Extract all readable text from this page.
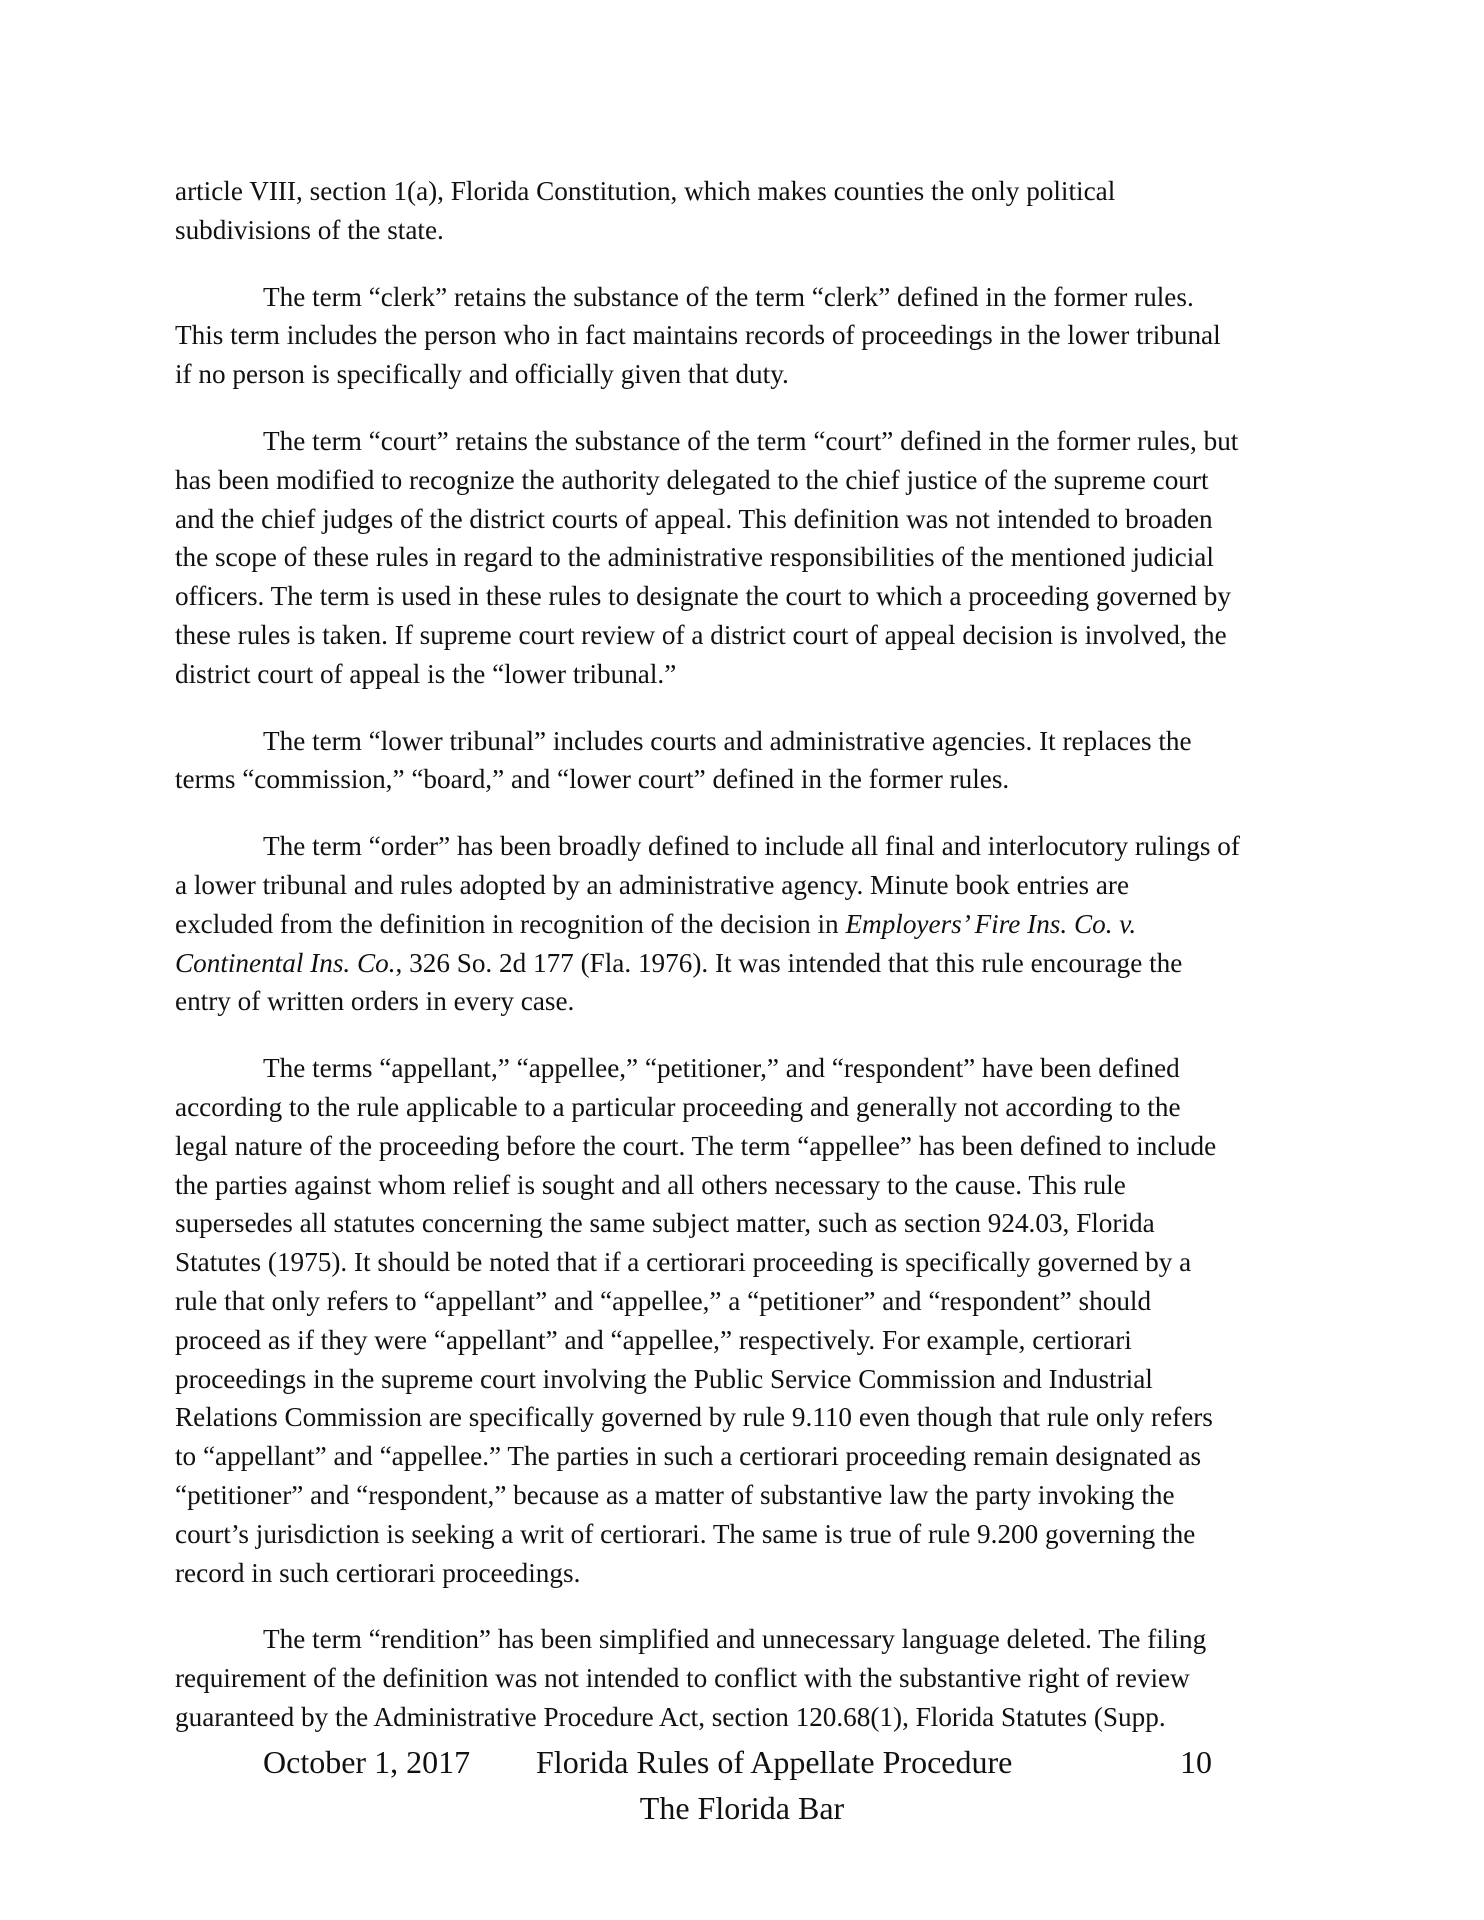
article VIII, section 1(a), Florida Constitution, which makes counties the only political
subdivisions of the state.
The term “clerk” retains the substance of the term “clerk” defined in the former rules.
This term includes the person who in fact maintains records of proceedings in the lower tribunal
if no person is specifically and officially given that duty.
The term “court” retains the substance of the term “court” defined in the former rules, but
has been modified to recognize the authority delegated to the chief justice of the supreme court
and the chief judges of the district courts of appeal. This definition was not intended to broaden
the scope of these rules in regard to the administrative responsibilities of the mentioned judicial
officers. The term is used in these rules to designate the court to which a proceeding governed by
these rules is taken. If supreme court review of a district court of appeal decision is involved, the
district court of appeal is the “lower tribunal.”
The term “lower tribunal” includes courts and administrative agencies. It replaces the
terms “commission,” “board,” and “lower court” defined in the former rules.
The term “order” has been broadly defined to include all final and interlocutory rulings of
a lower tribunal and rules adopted by an administrative agency. Minute book entries are
excluded from the definition in recognition of the decision in Employers’ Fire Ins. Co. v.
Continental Ins. Co., 326 So. 2d 177 (Fla. 1976). It was intended that this rule encourage the
entry of written orders in every case.
The terms “appellant,” “appellee,” “petitioner,” and “respondent” have been defined
according to the rule applicable to a particular proceeding and generally not according to the
legal nature of the proceeding before the court. The term “appellee” has been defined to include
the parties against whom relief is sought and all others necessary to the cause. This rule
supersedes all statutes concerning the same subject matter, such as section 924.03, Florida
Statutes (1975). It should be noted that if a certiorari proceeding is specifically governed by a
rule that only refers to “appellant” and “appellee,” a “petitioner” and “respondent” should
proceed as if they were “appellant” and “appellee,” respectively. For example, certiorari
proceedings in the supreme court involving the Public Service Commission and Industrial
Relations Commission are specifically governed by rule 9.110 even though that rule only refers
to “appellant” and “appellee.” The parties in such a certiorari proceeding remain designated as
“petitioner” and “respondent,” because as a matter of substantive law the party invoking the
court’s jurisdiction is seeking a writ of certiorari. The same is true of rule 9.200 governing the
record in such certiorari proceedings.
The term “rendition” has been simplified and unnecessary language deleted. The filing
requirement of the definition was not intended to conflict with the substantive right of review
guaranteed by the Administrative Procedure Act, section 120.68(1), Florida Statutes (Supp.
October 1, 2017 Florida Rules of Appellate Procedure	10
The Florida Bar
